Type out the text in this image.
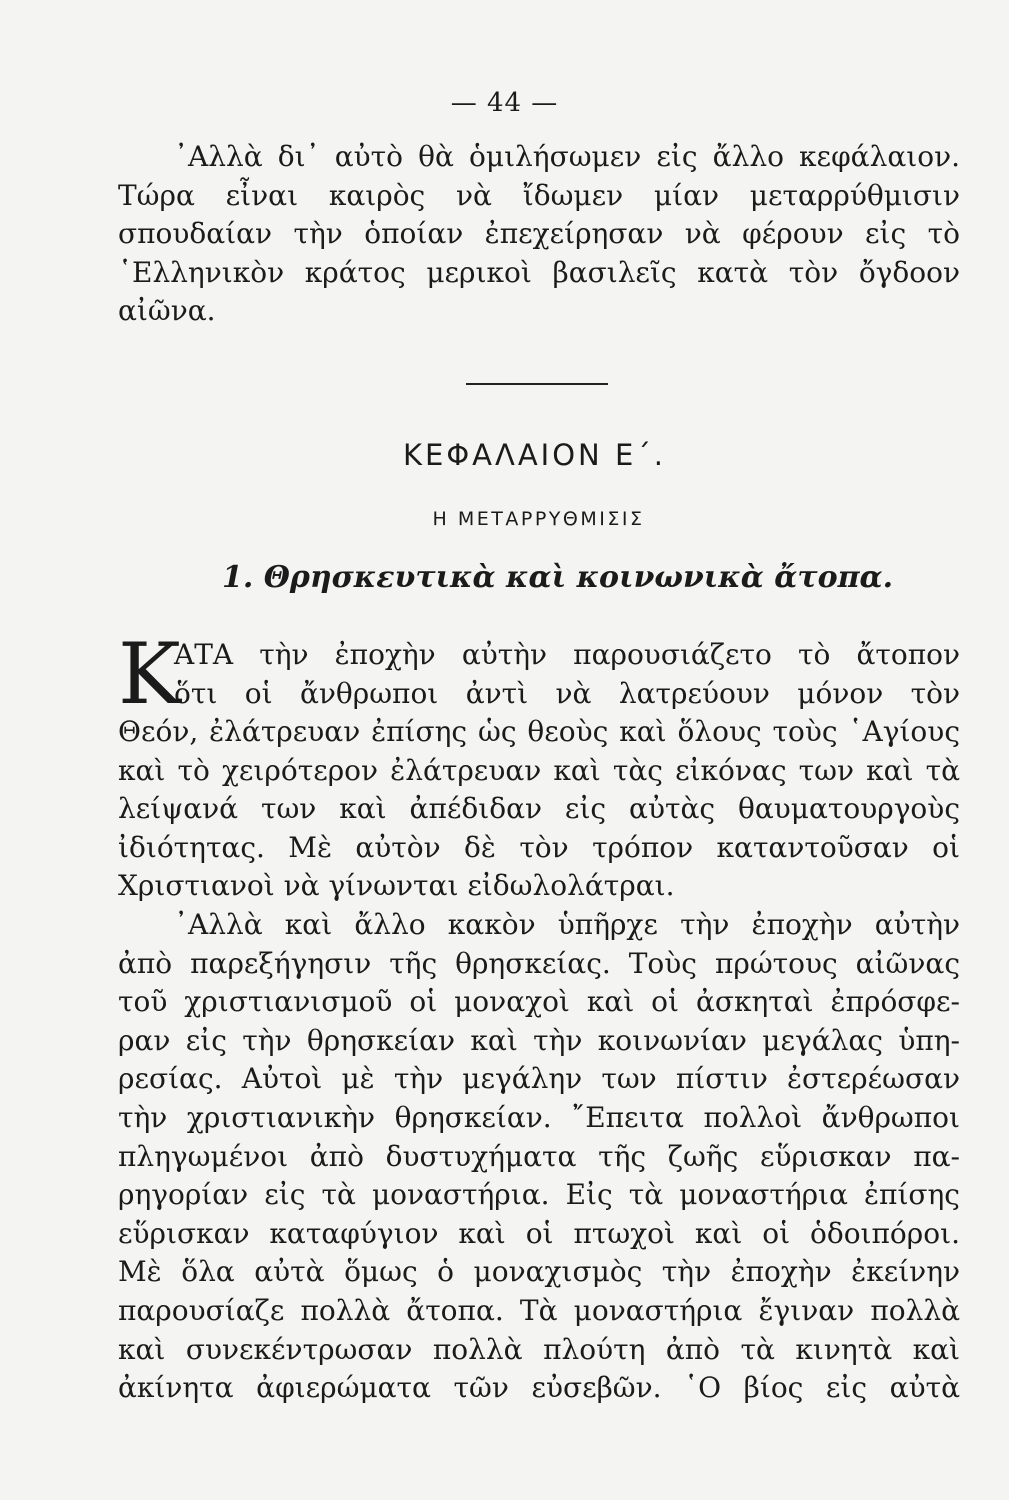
— 44 —
᾿Αλλὰ δι᾿ αὐτὸ θὰ ὁμιλήσωμεν εἰς ἄλλο κεφάλαιον.
Τώρα εἶναι καιρὸς νὰ ἴδωμεν μίαν μεταρρύθμισιν
σπουδαίαν τὴν ὁποίαν ἐπεχείρησαν νὰ φέρουν εἰς τὸ
῾Ελληνικὸν κράτος μερικοὶ βασιλεῖς κατὰ τὸν ὄγδοον
αἰῶνα.
ΚΕΦΑΛΑΙΟΝ Ε΄.
Η ΜΕΤΑΡΡΥΘΜΙΣΙΣ
1. Θρησκευτικὰ καὶ κοινωνικὰ ἄτοπα.
Κ
ΑΤΑ τὴν ἐποχὴν αὐτὴν παρουσιάζετο τὸ ἄτοπον
ὅτι οἱ ἄνθρωποι ἀντὶ νὰ λατρεύουν μόνον τὸν
Θεόν, ἐλάτρευαν ἐπίσης ὡς θεοὺς καὶ ὅλους τοὺς ῾Αγίους
καὶ τὸ χειρότερον ἐλάτρευαν καὶ τὰς εἰκόνας των καὶ τὰ
λείψανά των καὶ ἀπέδιδαν εἰς αὐτὰς θαυματουργοὺς
ἰδιότητας. Μὲ αὐτὸν δὲ τὸν τρόπον καταντοῦσαν οἱ
Χριστιανοὶ νὰ γίνωνται εἰδωλολάτραι.
᾿Αλλὰ καὶ ἄλλο κακὸν ὑπῆρχε τὴν ἐποχὴν αὐτὴν
ἀπὸ παρεξήγησιν τῆς θρησκείας. Τοὺς πρώτους αἰῶνας
τοῦ χριστιανισμοῦ οἱ μοναχοὶ καὶ οἱ ἀσκηταὶ ἐπρόσφε-
ραν εἰς τὴν θρησκείαν καὶ τὴν κοινωνίαν μεγάλας ὑπη-
ρεσίας. Αὐτοὶ μὲ τὴν μεγάλην των πίστιν ἐστερέωσαν
τὴν χριστιανικὴν θρησκείαν. ῎Επειτα πολλοὶ ἄνθρωποι
πληγωμένοι ἀπὸ δυστυχήματα τῆς ζωῆς εὕρισκαν πα-
ρηγορίαν εἰς τὰ μοναστήρια. Εἰς τὰ μοναστήρια ἐπίσης
εὕρισκαν καταφύγιον καὶ οἱ πτωχοὶ καὶ οἱ ὁδοιπόροι.
Μὲ ὅλα αὐτὰ ὅμως ὁ μοναχισμὸς τὴν ἐποχὴν ἐκείνην
παρουσίαζε πολλὰ ἄτοπα. Τὰ μοναστήρια ἔγιναν πολλὰ
καὶ συνεκέντρωσαν πολλὰ πλούτη ἀπὸ τὰ κινητὰ καὶ
ἀκίνητα ἀφιερώματα τῶν εὐσεβῶν. ῾Ο βίος εἰς αὐτὰ
